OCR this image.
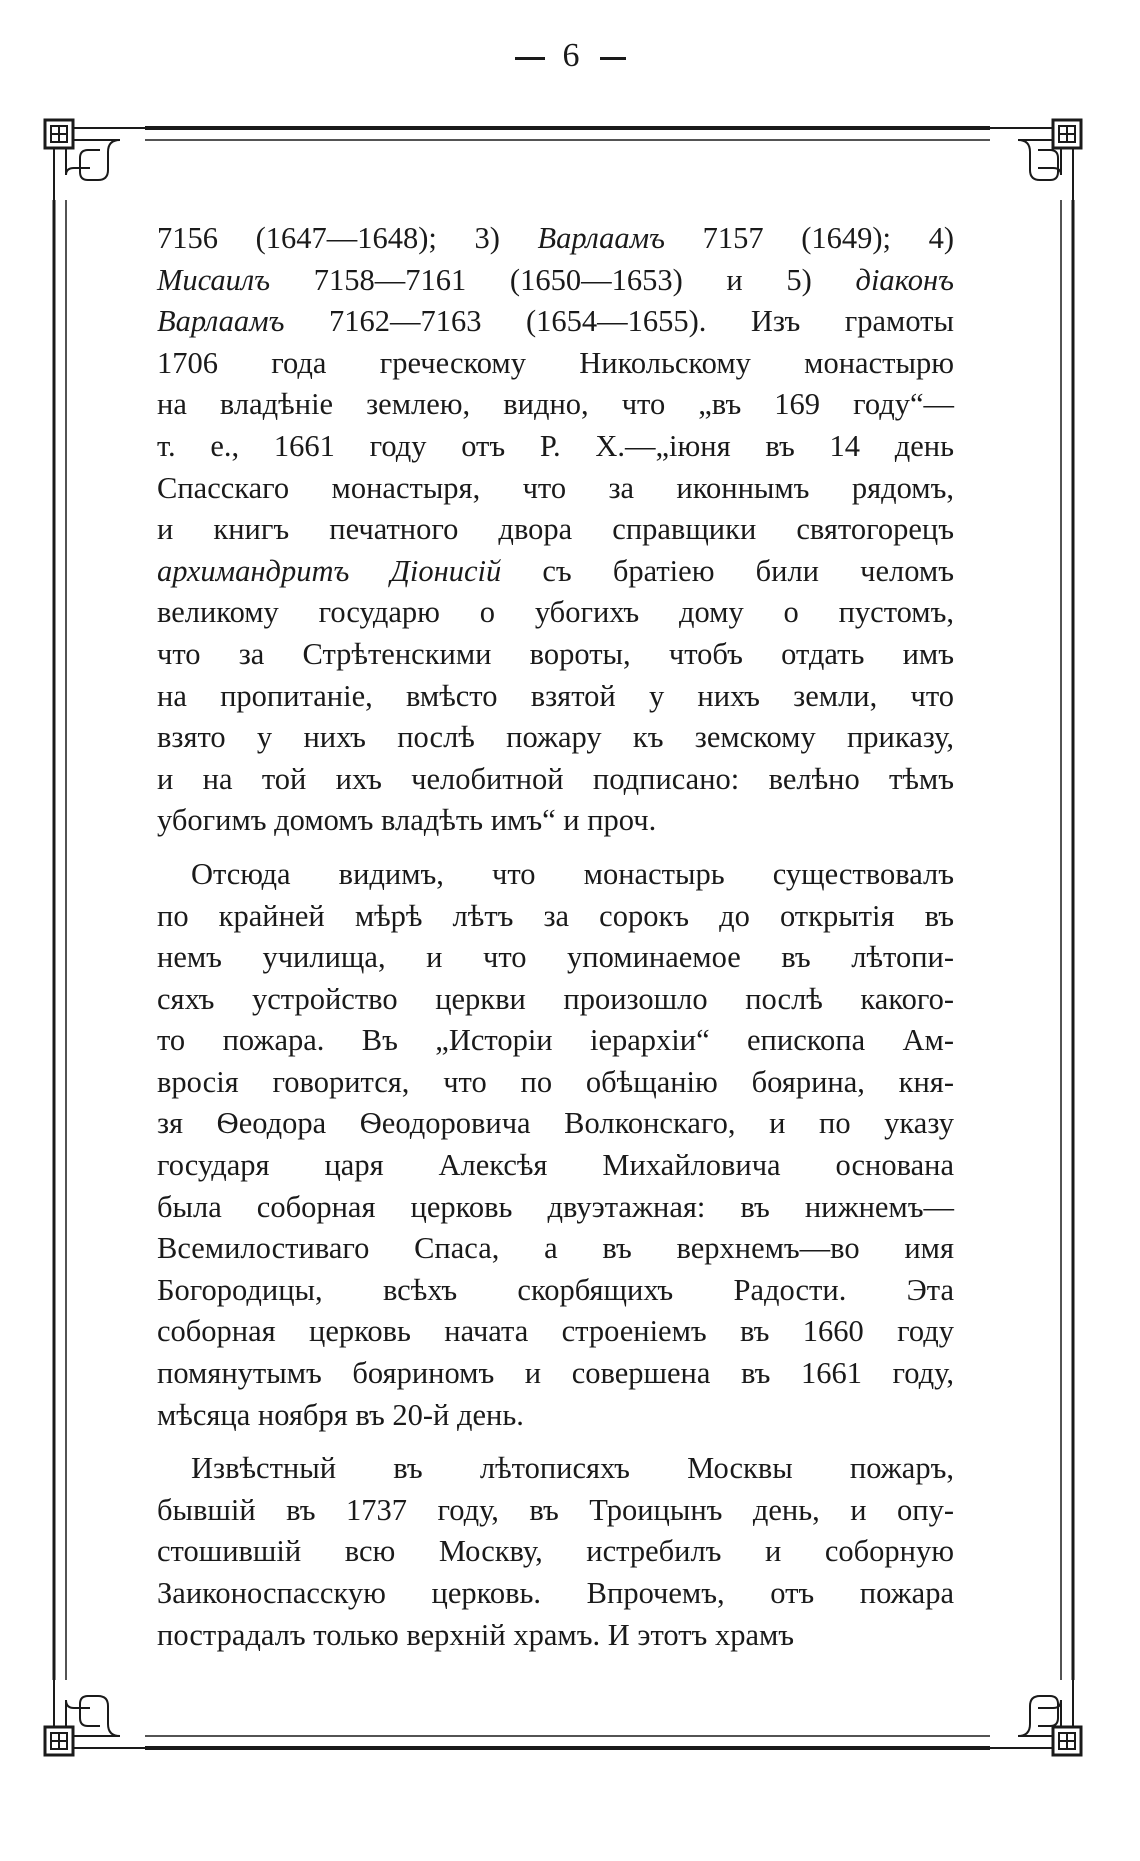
6
7156 (1647—1648); 3) Варлаамъ 7157 (1649); 4)
Мисаилъ 7158—7161 (1650—1653) и 5) діаконъ
Варлаамъ 7162—7163 (1654—1655). Изъ грамоты
1706 года греческому Никольскому монастырю
на владѣніе землею, видно, что „въ 169 году“—
т. е., 1661 году отъ Р. Х.—„іюня въ 14 день
Спасскаго монастыря, что за иконнымъ рядомъ,
и книгъ печатного двора справщики святогорецъ
архимандритъ Діонисій съ братіею били челомъ
великому государю о убогихъ дому о пустомъ,
что за Стрѣтенскими вороты, чтобъ отдать имъ
на пропитаніе, вмѣсто взятой у нихъ земли, что
взято у нихъ послѣ пожару къ земскому приказу,
и на той ихъ челобитной подписано: велѣно тѣмъ
убогимъ домомъ владѣть имъ“ и проч.
Отсюда видимъ, что монастырь существовалъ
по крайней мѣрѣ лѣтъ за сорокъ до открытія въ
немъ училища, и что упоминаемое въ лѣтопи-
сяхъ устройство церкви произошло послѣ какого-
то пожара. Въ „Исторіи іерархіи“ епископа Ам-
вросія говорится, что по обѣщанію боярина, кня-
зя Ѳеодора Ѳеодоровича Волконскаго, и по указу
государя царя Алексѣя Михайловича основана
была соборная церковь двуэтажная: въ нижнемъ—
Всемилостиваго Спаса, а въ верхнемъ—во имя
Богородицы, всѣхъ скорбящихъ Радости. Эта
соборная церковь начата строеніемъ въ 1660 году
помянутымъ бояриномъ и совершена въ 1661 году,
мѣсяца ноября въ 20-й день.
Извѣстный въ лѣтописяхъ Москвы пожаръ,
бывшій въ 1737 году, въ Троицынъ день, и опу-
стошившій всю Москву, истребилъ и соборную
Заиконоспасскую церковь. Впрочемъ, отъ пожара
пострадалъ только верхній храмъ. И этотъ храмъ
